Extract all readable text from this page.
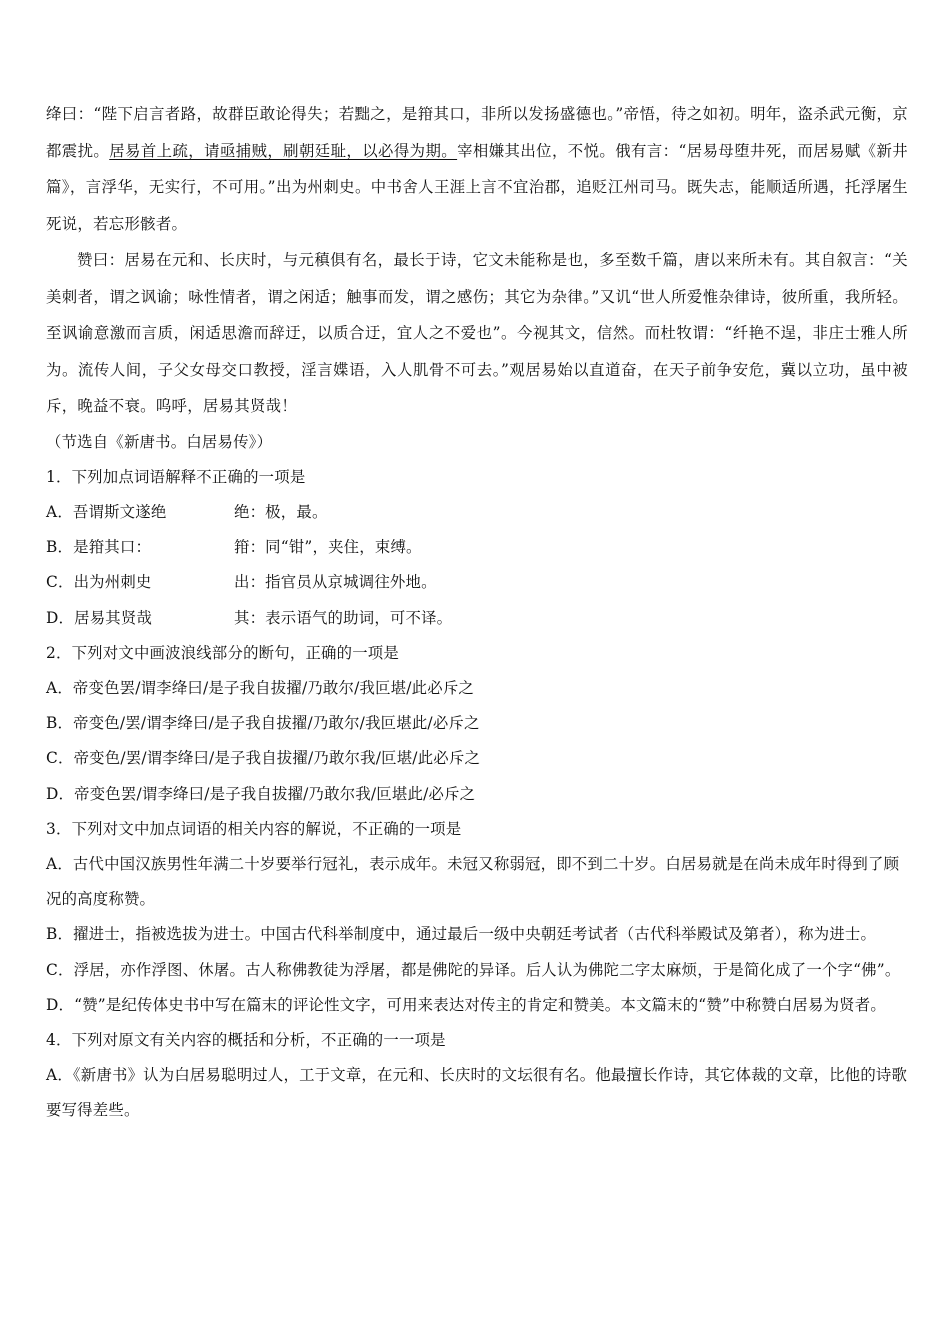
绛曰：“陛下启言者路，故群臣敢论得失；若黜之，是箝其口，非所以发扬盛德也。”帝悟，待之如初。明年，盗杀武元衡，京都震扰。居易首上疏，请亟捕贼，刷朝廷耻，以必得为期。宰相嫌其出位，不悦。俄有言：“居易母堕井死，而居易赋《新井篇》，言浮华，无实行，不可用。”出为州刺史。中书舍人王涯上言不宜治郡，追贬江州司马。既失志，能顺适所遇，托浮屠生死说，若忘形骸者。

赞曰：居易在元和、长庆时，与元稹俱有名，最长于诗，它文未能称是也，多至数千篇，唐以来所未有。其自叙言：“关美刺者，谓之讽谕；咏性情者，谓之闲适；触事而发，谓之感伤；其它为杂律。”又讥“世人所爱惟杂律诗，彼所重，我所轻。至讽谕意激而言质，闲适思澹而辞迂，以质合迂，宜人之不爱也”。今视其文，信然。而杜牧谓：“纤艳不逞，非庄士雅人所为。流传人间，子父女母交口教授，淫言媟语，入人肌骨不可去。”观居易始以直道奋，在天子前争安危，冀以立功，虽中被斥，晚益不衰。呜呼，居易其贤哉！

（节选自《新唐书。白居易传》）

1．下列加点词语解释不正确的一项是

A．吾谓斯文遂绝	绝：极，最。
B．是箝其口：	箝：同“钳”，夹住，束缚。
C．出为州刺史	出：指官员从京城调往外地。
D．居易其贤哉	其：表示语气的助词，可不译。

2．下列对文中画波浪线部分的断句，正确的一项是

A．帝变色罢/谓李绛曰/是子我自拔擢/乃敢尔/我叵堪/此必斥之

B．帝变色/罢/谓李绛曰/是子我自拔擢/乃敢尔/我叵堪此/必斥之

C．帝变色/罢/谓李绛曰/是子我自拔擢/乃敢尔我/叵堪/此必斥之

D．帝变色罢/谓李绛曰/是子我自拔擢/乃敢尔我/叵堪此/必斥之

3．下列对文中加点词语的相关内容的解说，不正确的一项是

A．古代中国汉族男性年满二十岁要举行冠礼，表示成年。未冠又称弱冠，即不到二十岁。白居易就是在尚未成年时得到了顾况的高度称赞。

B．擢进士，指被选拔为进士。中国古代科举制度中，通过最后一级中央朝廷考试者（古代科举殿试及第者），称为进士。

C．浮居，亦作浮图、休屠。古人称佛教徒为浮屠，都是佛陀的异译。后人认为佛陀二字太麻烦，于是简化成了一个字“佛”。

D．“赞”是纪传体史书中写在篇末的评论性文字，可用来表达对传主的肯定和赞美。本文篇末的“赞”中称赞白居易为贤者。

4．下列对原文有关内容的概括和分析，不正确的一一项是

A．《新唐书》认为白居易聪明过人，工于文章，在元和、长庆时的文坛很有名。他最擅长作诗，其它体裁的文章，比他的诗歌要写得差些。
